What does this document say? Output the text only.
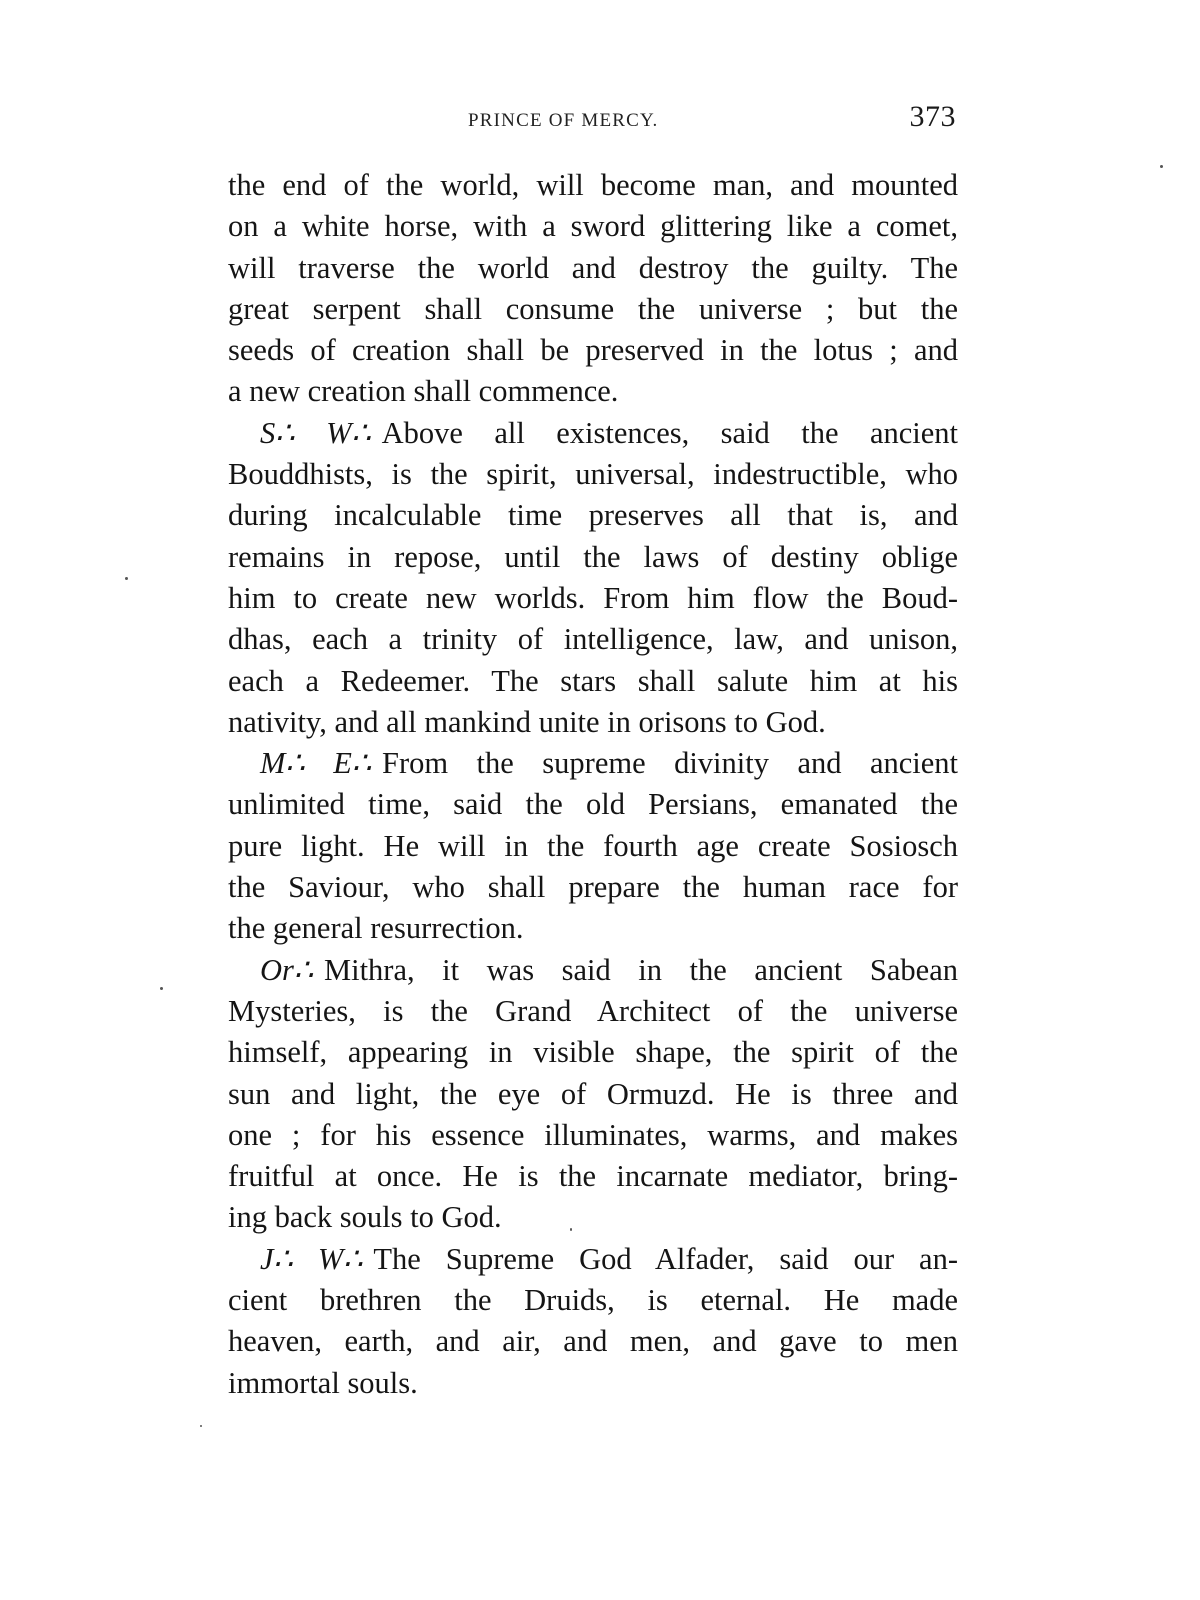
PRINCE OF MERCY.	373
the end of the world, will become man, and mounted
on a white horse, with a sword glittering like a comet,
will traverse the world and destroy the guilty. The
great serpent shall consume the universe ; but the
seeds of creation shall be preserved in the lotus ; and
a new creation shall commence.
S∴ W∴ Above all existences, said the ancient
Bouddhists, is the spirit, universal, indestructible, who
during incalculable time preserves all that is, and
remains in repose, until the laws of destiny oblige
him to create new worlds. From him flow the Boud-
dhas, each a trinity of intelligence, law, and unison,
each a Redeemer. The stars shall salute him at his
nativity, and all mankind unite in orisons to God.
M∴ E∴ From the supreme divinity and ancient
unlimited time, said the old Persians, emanated the
pure light. He will in the fourth age create Sosiosch
the Saviour, who shall prepare the human race for
the general resurrection.
Or∴ Mithra, it was said in the ancient Sabean
Mysteries, is the Grand Architect of the universe
himself, appearing in visible shape, the spirit of the
sun and light, the eye of Ormuzd. He is three and
one ; for his essence illuminates, warms, and makes
fruitful at once. He is the incarnate mediator, bring-
ing back souls to God.
J∴ W∴ The Supreme God Alfader, said our an-
cient brethren the Druids, is eternal. He made
heaven, earth, and air, and men, and gave to men
immortal souls.
